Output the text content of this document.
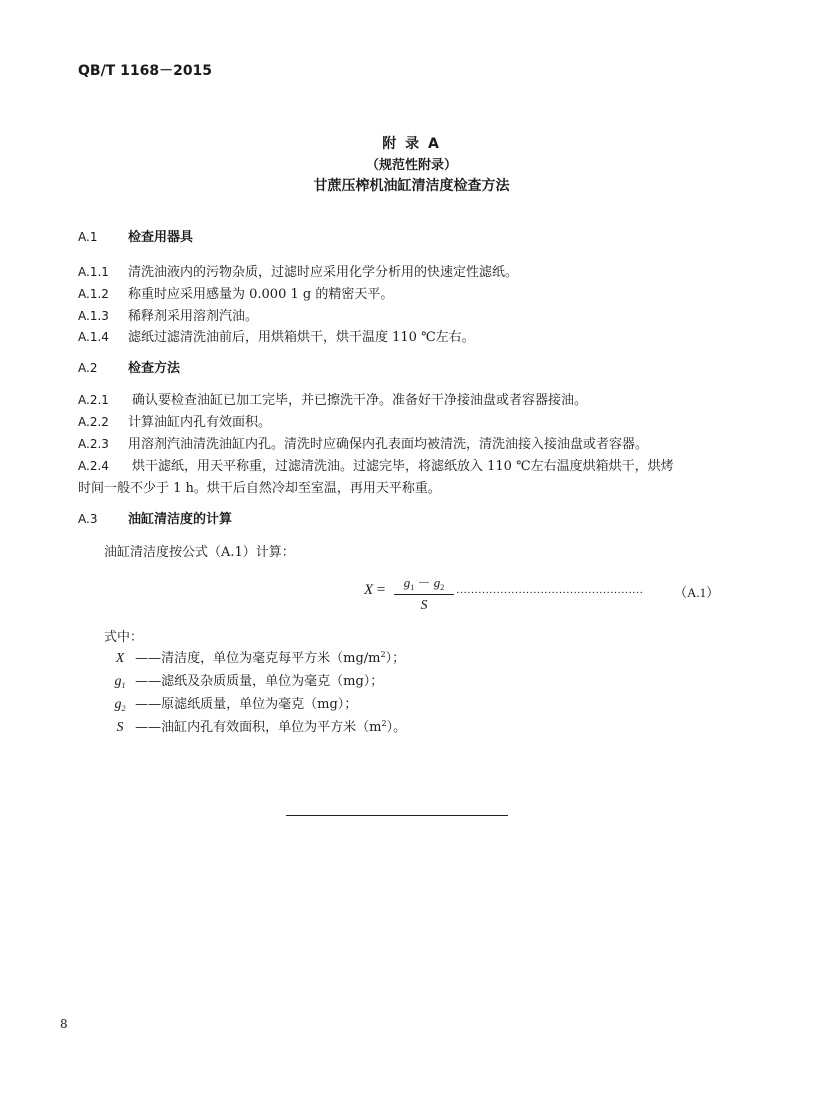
QB/T 1168－2015
附 录 A
（规范性附录）
甘蔗压榨机油缸清洁度检查方法
A.1 检查用器具
A.1.1 清洗油液内的污物杂质，过滤时应采用化学分析用的快速定性滤纸。
A.1.2 称重时应采用感量为 0.000 1 g 的精密天平。
A.1.3 稀释剂采用溶剂汽油。
A.1.4 滤纸过滤清洗油前后，用烘箱烘干，烘干温度 110 ℃左右。
A.2 检查方法
A.2.1 确认要检查油缸已加工完毕，并已擦洗干净。准备好干净接油盘或者容器接油。
A.2.2 计算油缸内孔有效面积。
A.2.3 用溶剂汽油清洗油缸内孔。清洗时应确保内孔表面均被清洗，清洗油接入接油盘或者容器。
A.2.4 烘干滤纸，用天平称重，过滤清洗油。过滤完毕，将滤纸放入 110 ℃左右温度烘箱烘干，烘烤
时间一般不少于 1 h。烘干后自然冷却至室温，再用天平称重。
A.3 油缸清洁度的计算
油缸清洁度按公式（A.1）计算：
X =	$g_1 - g_2$
S
…………………………………………… （A.1）
式中：
X ——清洁度，单位为毫克每平方米$(mg/m^2)$；
$g_1$ ——滤纸及杂质质量，单位为毫克（mg）；
$g_2$ ——原滤纸质量，单位为毫克（mg）；
S ——油缸内孔有效面积，单位为平方米$(m^2)$。
8
